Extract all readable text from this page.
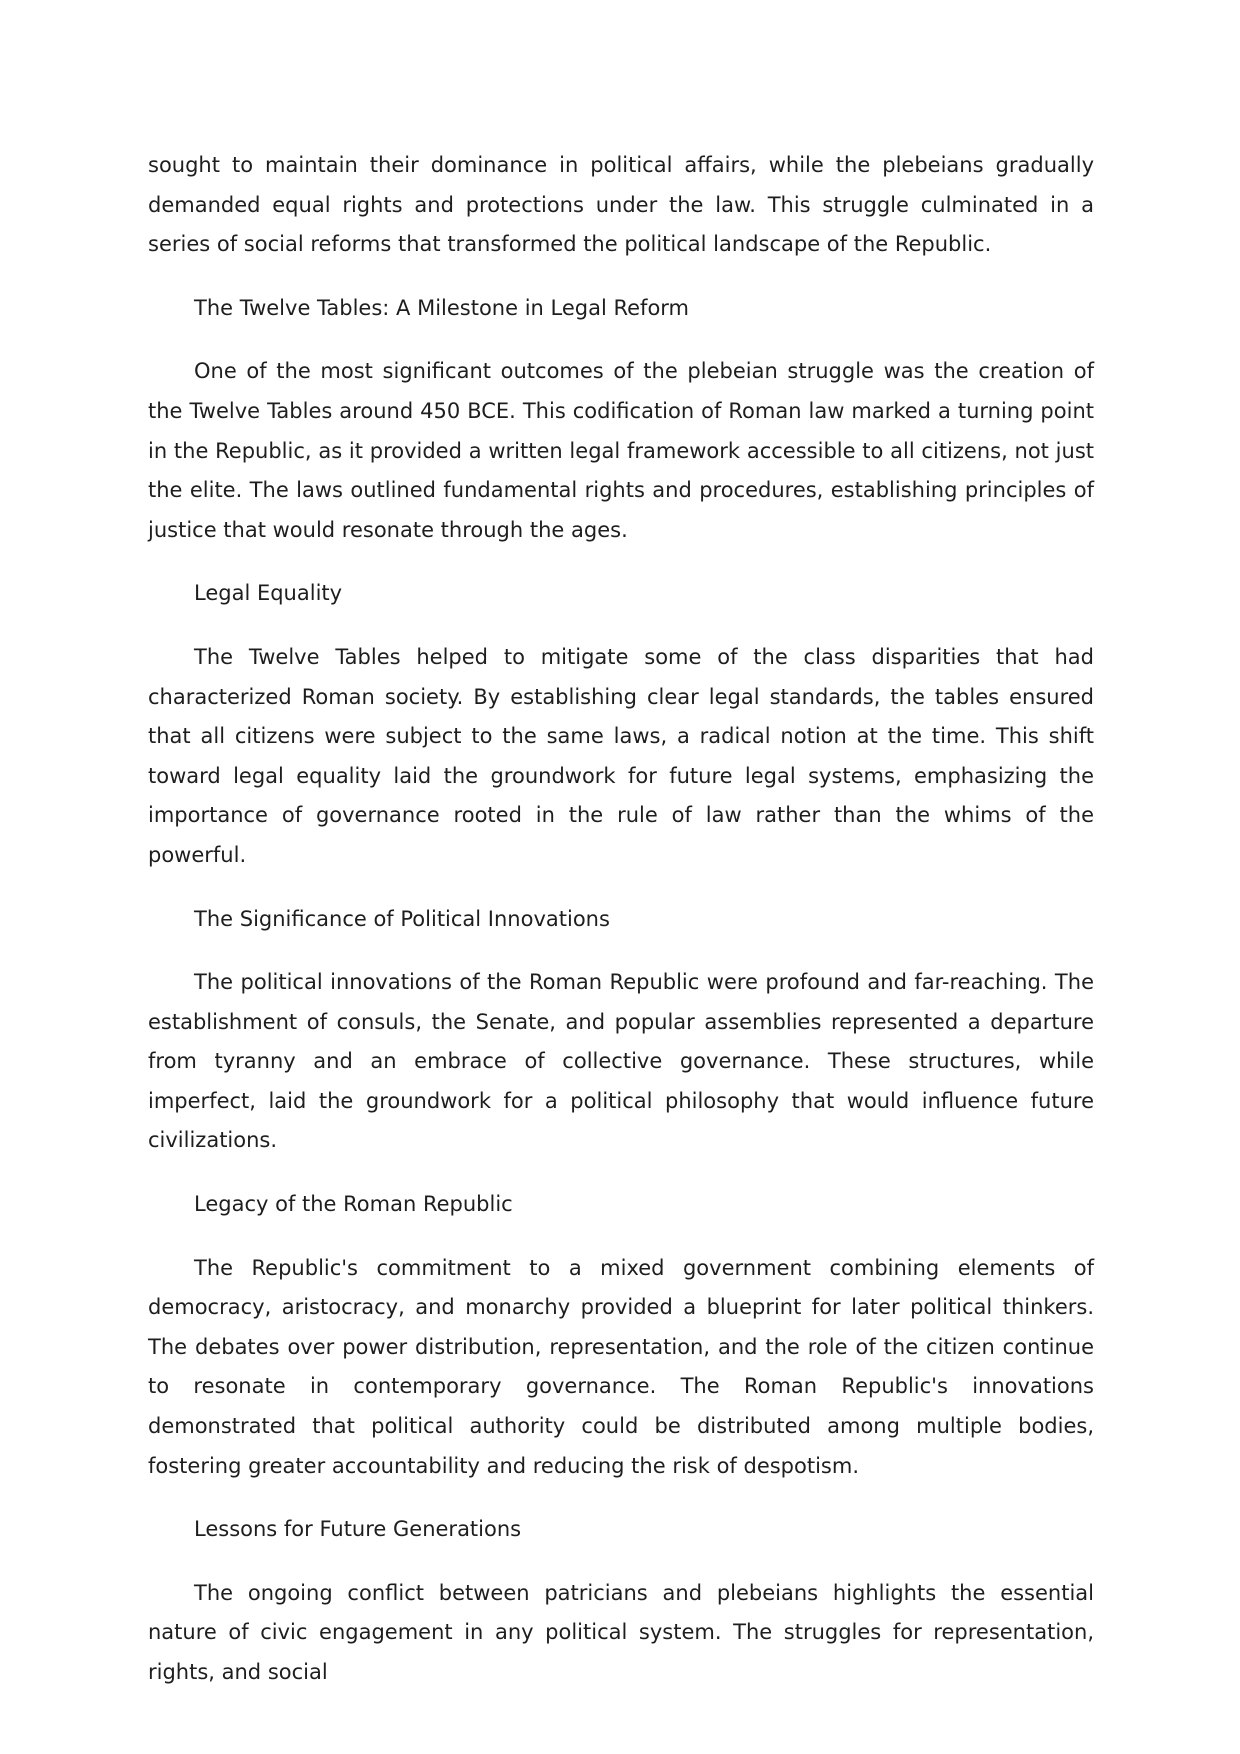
sought to maintain their dominance in political affairs, while the plebeians gradually demanded equal rights and protections under the law. This struggle culminated in a series of social reforms that transformed the political landscape of the Republic.

The Twelve Tables: A Milestone in Legal Reform

One of the most significant outcomes of the plebeian struggle was the creation of the Twelve Tables around 450 BCE. This codification of Roman law marked a turning point in the Republic, as it provided a written legal framework accessible to all citizens, not just the elite. The laws outlined fundamental rights and procedures, establishing principles of justice that would resonate through the ages.

Legal Equality

The Twelve Tables helped to mitigate some of the class disparities that had characterized Roman society. By establishing clear legal standards, the tables ensured that all citizens were subject to the same laws, a radical notion at the time. This shift toward legal equality laid the groundwork for future legal systems, emphasizing the importance of governance rooted in the rule of law rather than the whims of the powerful.

The Significance of Political Innovations

The political innovations of the Roman Republic were profound and far-reaching. The establishment of consuls, the Senate, and popular assemblies represented a departure from tyranny and an embrace of collective governance. These structures, while imperfect, laid the groundwork for a political philosophy that would influence future civilizations.

Legacy of the Roman Republic

The Republic's commitment to a mixed government combining elements of democracy, aristocracy, and monarchy provided a blueprint for later political thinkers. The debates over power distribution, representation, and the role of the citizen continue to resonate in contemporary governance. The Roman Republic's innovations demonstrated that political authority could be distributed among multiple bodies, fostering greater accountability and reducing the risk of despotism.

Lessons for Future Generations

The ongoing conflict between patricians and plebeians highlights the essential nature of civic engagement in any political system. The struggles for representation, rights, and social
